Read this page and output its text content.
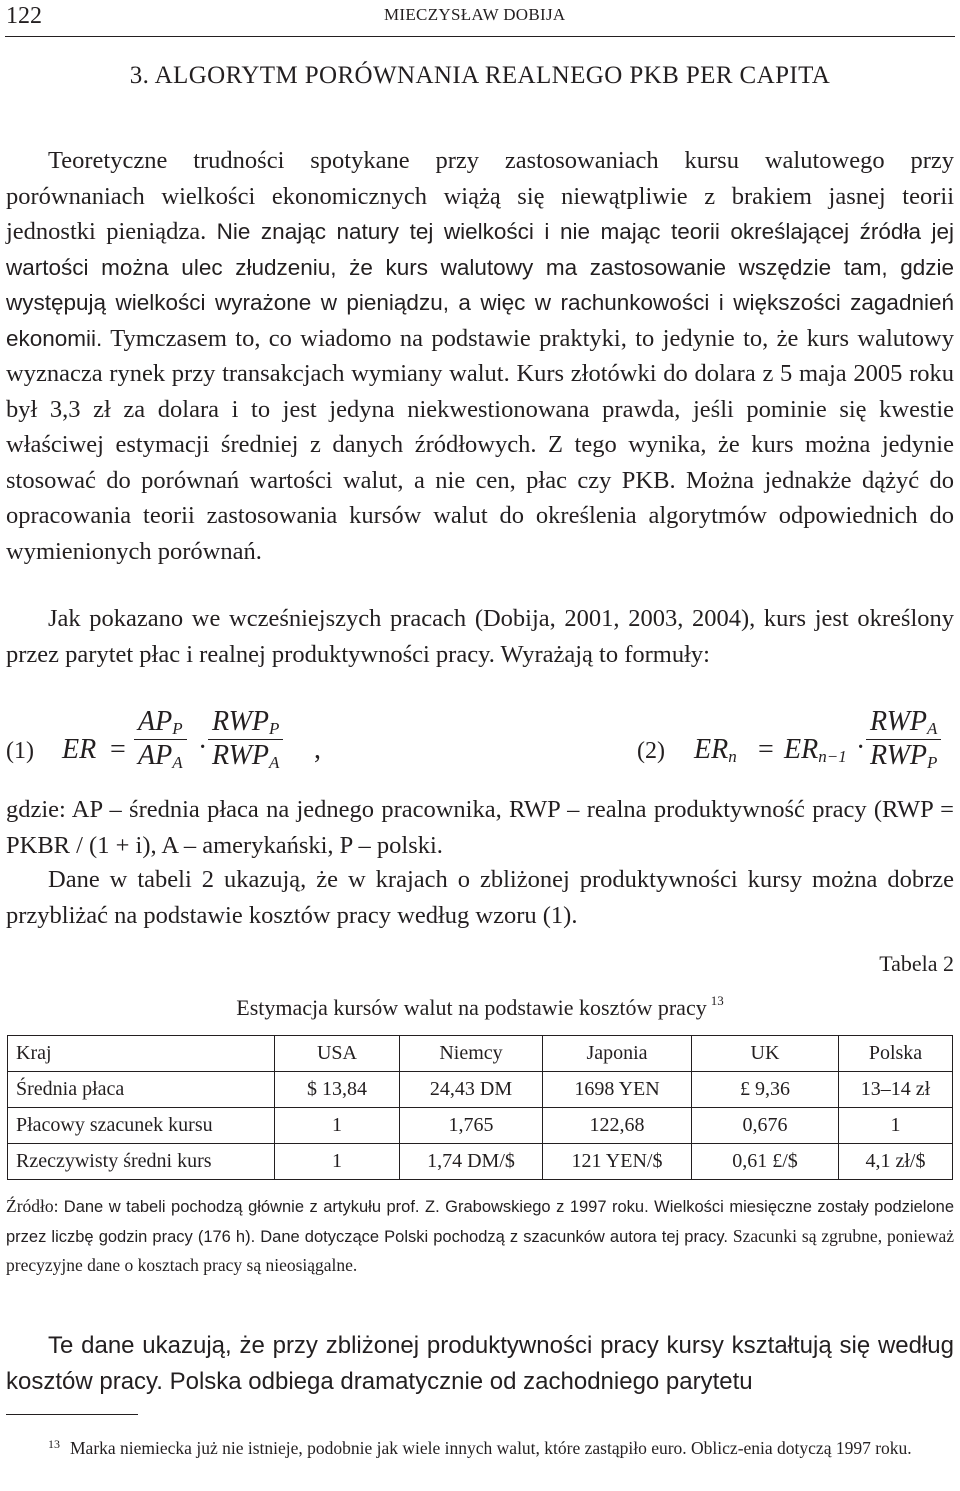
122	MIECZYSŁAW DOBIJA
3. ALGORYTM PORÓWNANIA REALNEGO PKB PER CAPITA

Teoretyczne trudności spotykane przy zastosowaniach kursu walutowego przy porównaniach wielkości ekonomicznych wiążą się niewątpliwie z brakiem jasnej teorii jednostki pieniądza. Nie znając natury tej wielkości i nie mając teorii określającej źródła jej wartości można ulec złudzeniu, że kurs walutowy ma zastosowanie wszędzie tam, gdzie występują wielkości wyrażone w pieniądzu, a więc w rachunkowości i większości zagadnień ekonomii. Tymczasem to, co wiadomo na podstawie praktyki, to jedynie to, że kurs walutowy wyznacza rynek przy transakcjach wymiany walut. Kurs złotówki do dolara z 5 maja 2005 roku był 3,3 zł za dolara i to jest jedyna niekwestionowana prawda, jeśli pominie się kwestie właściwej estymacji średniej z danych źródłowych. Z tego wynika, że kurs można jedynie stosować do porównań wartości walut, a nie cen, płac czy PKB. Można jednakże dążyć do opracowania teorii zastosowania kursów walut do określenia algorytmów odpowiednich do wymienionych porównań.

Jak pokazano we wcześniejszych pracach (Dobija, 2001, 2003, 2004), kurs jest określony przez parytet płac i realnej produktywności pracy. Wyrażają to formuły:

(1) ER =
$AP_P$
$AP_A$ ·
$RWP_P$
$RWP_A$ ,	(2) $ER_n = ER_{n-1}$ ·
$RWP_A$
$RWP_P$

gdzie: AP – średnia płaca na jednego pracownika, RWP – realna produktywność pracy (RWP = PKBR / (1 + i), A – amerykański, P – polski.

Dane w tabeli 2 ukazują, że w krajach o zbliżonej produktywności kursy można dobrze przybliżać na podstawie kosztów pracy według wzoru (1).

Tabela 2
Estymacja kursów walut na podstawie kosztów pracy $^{13}$
Kraj	USA	Niemcy	Japonia	UK	Polska
Średnia płaca	$ 13,84	24,43 DM	1698 YEN	£ 9,36	13–14 zł
Płacowy szacunek kursu	1	1,765	122,68	0,676	1
Rzeczywisty średni kurs	1	1,74 DM/$	121 YEN/$	0,61 £/$	4,1 zł/$

Źródło: Dane w tabeli pochodzą głównie z artykułu prof. Z. Grabowskiego z 1997 roku. Wielkości miesięczne zostały podzielone przez liczbę godzin pracy (176 h). Dane dotyczące Polski pochodzą z szacunków autora tej pracy. Szacunki są zgrubne, ponieważ precyzyjne dane o kosztach pracy są nieosiągalne.

Te dane ukazują, że przy zbliżonej produktywności pracy kursy kształtują się według kosztów pracy. Polska odbiega dramatycznie od zachodniego parytetu

$^{13}$ Marka niemiecka już nie istnieje, podobnie jak wiele innych walut, które zastąpiło euro. Oblicz-enia dotyczą 1997 roku.
